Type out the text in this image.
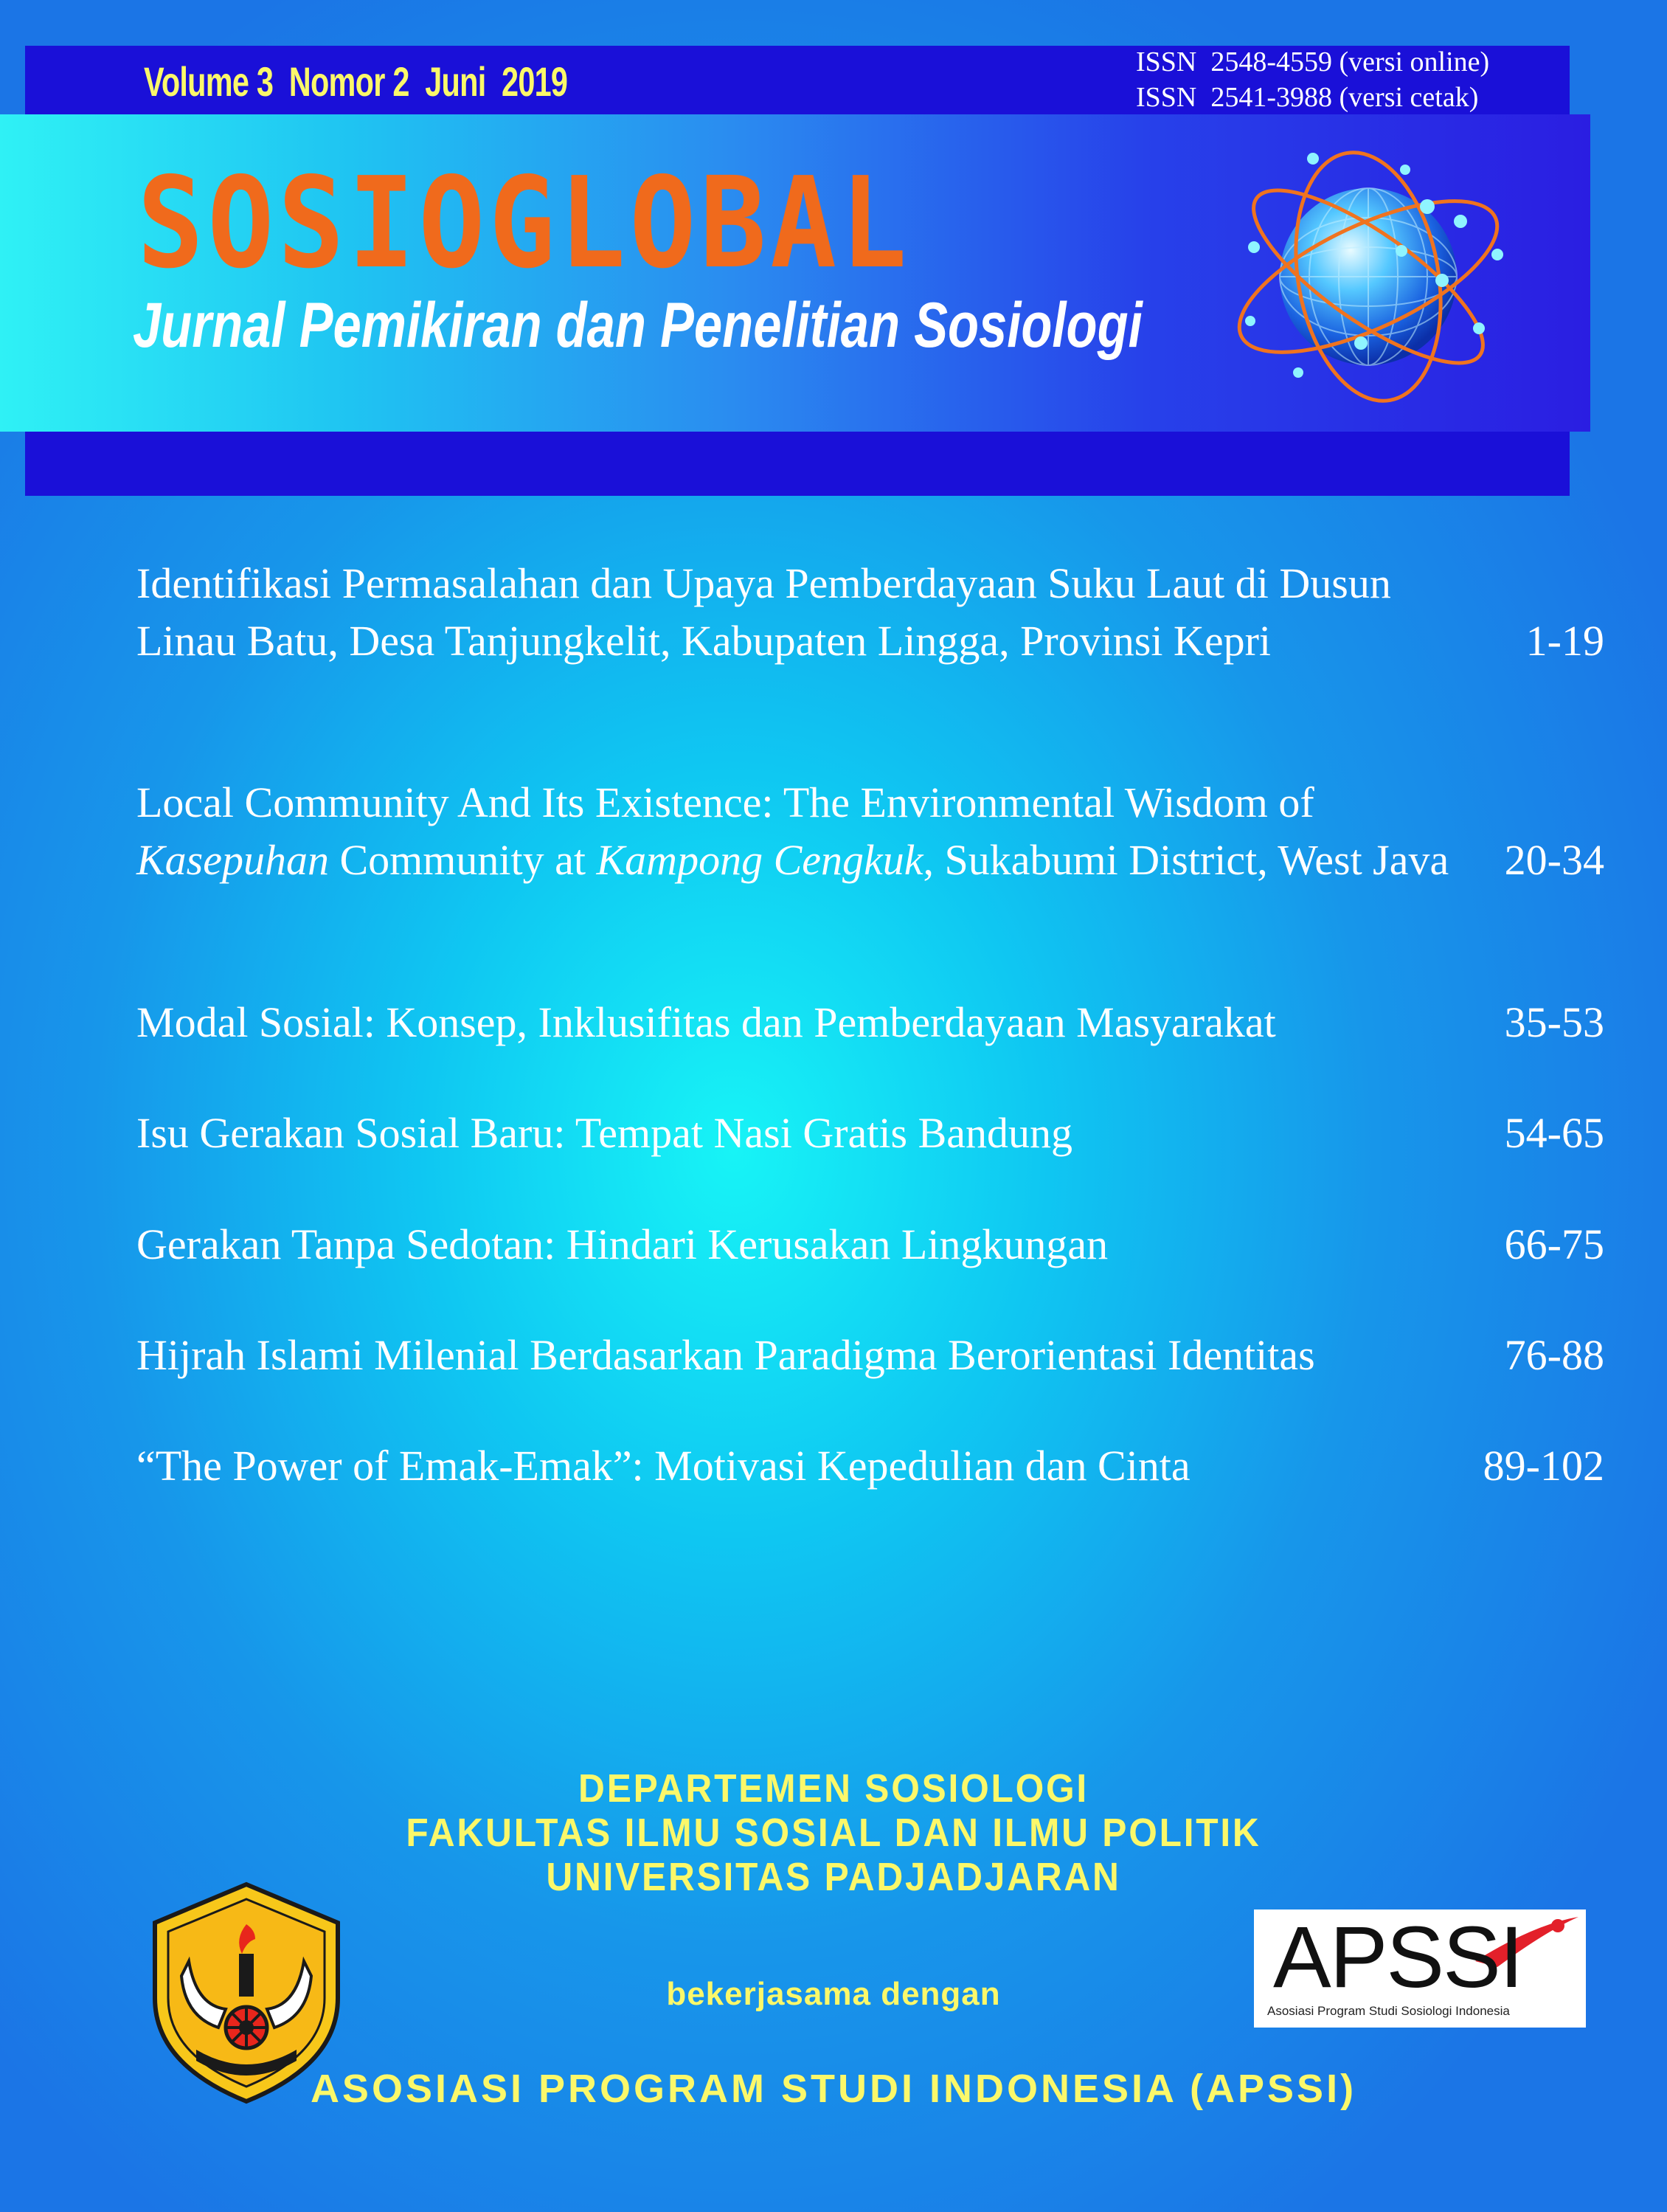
Volume 3  Nomor 2  Juni  2019	ISSN  2548-4559 (versi online)
ISSN  2541-3988 (versi cetak)
SOSIOGLOBAL
Jurnal Pemikiran dan Penelitian Sosiologi
Identifikasi Permasalahan dan Upaya Pemberdayaan Suku Laut di Dusun Linau Batu, Desa Tanjungkelit, Kabupaten Lingga, Provinsi Kepri	1-19
Local Community And Its Existence: The Environmental Wisdom of Kasepuhan Community at Kampong Cengkuk, Sukabumi District, West Java 20-34
Modal Sosial: Konsep, Inklusifitas dan Pemberdayaan Masyarakat	35-53
Isu Gerakan Sosial Baru: Tempat Nasi Gratis Bandung	54-65
Gerakan Tanpa Sedotan: Hindari Kerusakan Lingkungan	66-75
Hijrah Islami Milenial Berdasarkan Paradigma Berorientasi Identitas	76-88
“The Power of Emak-Emak”: Motivasi Kepedulian dan Cinta	89-102
DEPARTEMEN SOSIOLOGI
FAKULTAS ILMU SOSIAL DAN ILMU POLITIK
UNIVERSITAS PADJADJARAN
bekerjasama dengan
ASOSIASI PROGRAM STUDI INDONESIA (APSSI)
APSSI
Asosiasi Program Studi Sosiologi Indonesia
